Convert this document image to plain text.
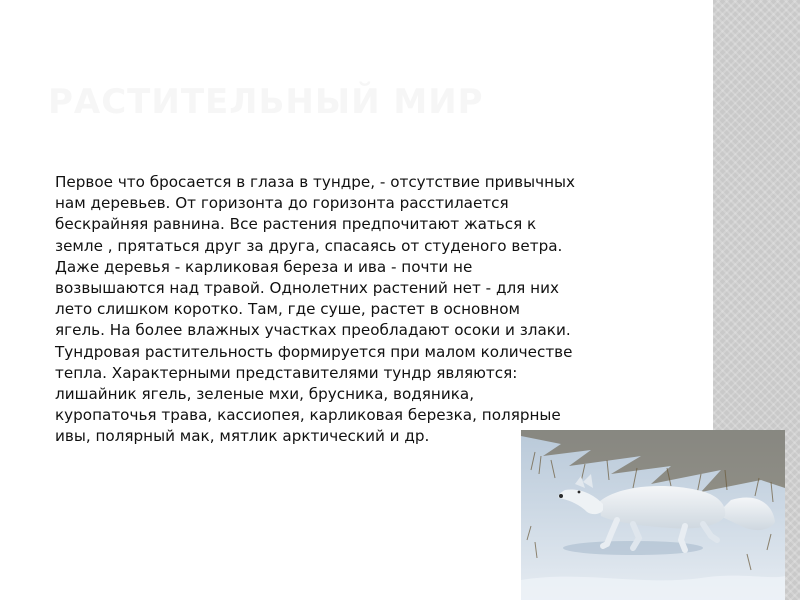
РАСТИТЕЛЬНЫЙ МИР

Первое что бросается в глаза в тундре, - отсутствие привычных
нам деревьев. От горизонта до горизонта расстилается
бескрайняя равнина. Все растения предпочитают жаться к
земле , прятаться друг за друга, спасаясь от студеного ветра.
Даже деревья - карликовая береза и ива - почти не
возвышаются над травой. Однолетних растений нет - для них
лето слишком коротко. Там, где суше, растет в основном
ягель. На более влажных участках преобладают осоки и злаки.
Тундровая растительность формируется при малом количестве
тепла. Характерными представителями тундр являются:
лишайник ягель, зеленые мхи, брусника, водяника,
куропаточья трава, кассиопея, карликовая березка, полярные
ивы, полярный мак, мятлик арктический и др.
